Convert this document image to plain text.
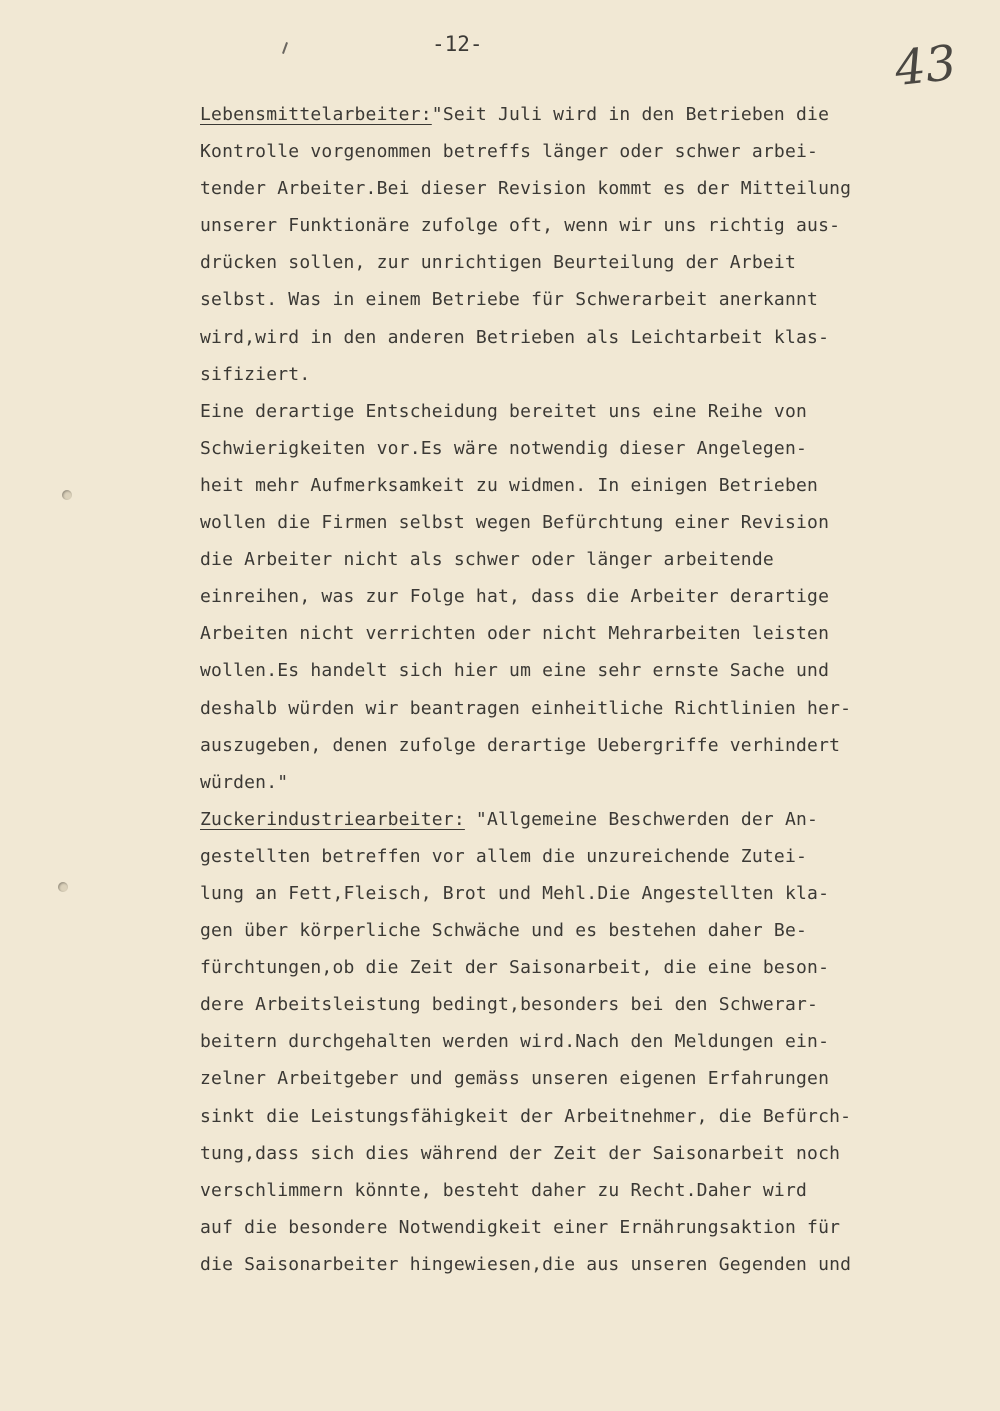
-12-	43
Lebensmittelarbeiter:"Seit Juli wird in den Betrieben die
Kontrolle vorgenommen betreffs länger oder schwer arbei-
tender Arbeiter.Bei dieser Revision kommt es der Mitteilung
unserer Funktionäre zufolge oft, wenn wir uns richtig aus-
drücken sollen, zur unrichtigen Beurteilung der Arbeit
selbst. Was in einem Betriebe für Schwerarbeit anerkannt
wird,wird in den anderen Betrieben als Leichtarbeit klas-
sifiziert.
Eine derartige Entscheidung bereitet uns eine Reihe von
Schwierigkeiten vor.Es wäre notwendig dieser Angelegen-
heit mehr Aufmerksamkeit zu widmen. In einigen Betrieben
wollen die Firmen selbst wegen Befürchtung einer Revision
die Arbeiter nicht als schwer oder länger arbeitende
einreihen, was zur Folge hat, dass die Arbeiter derartige
Arbeiten nicht verrichten oder nicht Mehrarbeiten leisten
wollen.Es handelt sich hier um eine sehr ernste Sache und
deshalb würden wir beantragen einheitliche Richtlinien her-
auszugeben, denen zufolge derartige Uebergriffe verhindert
würden."
Zuckerindustriearbeiter: "Allgemeine Beschwerden der An-
gestellten betreffen vor allem die unzureichende Zutei-
lung an Fett,Fleisch, Brot und Mehl.Die Angestellten kla-
gen über körperliche Schwäche und es bestehen daher Be-
fürchtungen,ob die Zeit der Saisonarbeit, die eine beson-
dere Arbeitsleistung bedingt,besonders bei den Schwerar-
beitern durchgehalten werden wird.Nach den Meldungen ein-
zelner Arbeitgeber und gemäss unseren eigenen Erfahrungen
sinkt die Leistungsfähigkeit der Arbeitnehmer, die Befürch-
tung,dass sich dies während der Zeit der Saisonarbeit noch
verschlimmern könnte, besteht daher zu Recht.Daher wird
auf die besondere Notwendigkeit einer Ernährungsaktion für
die Saisonarbeiter hingewiesen,die aus unseren Gegenden und
